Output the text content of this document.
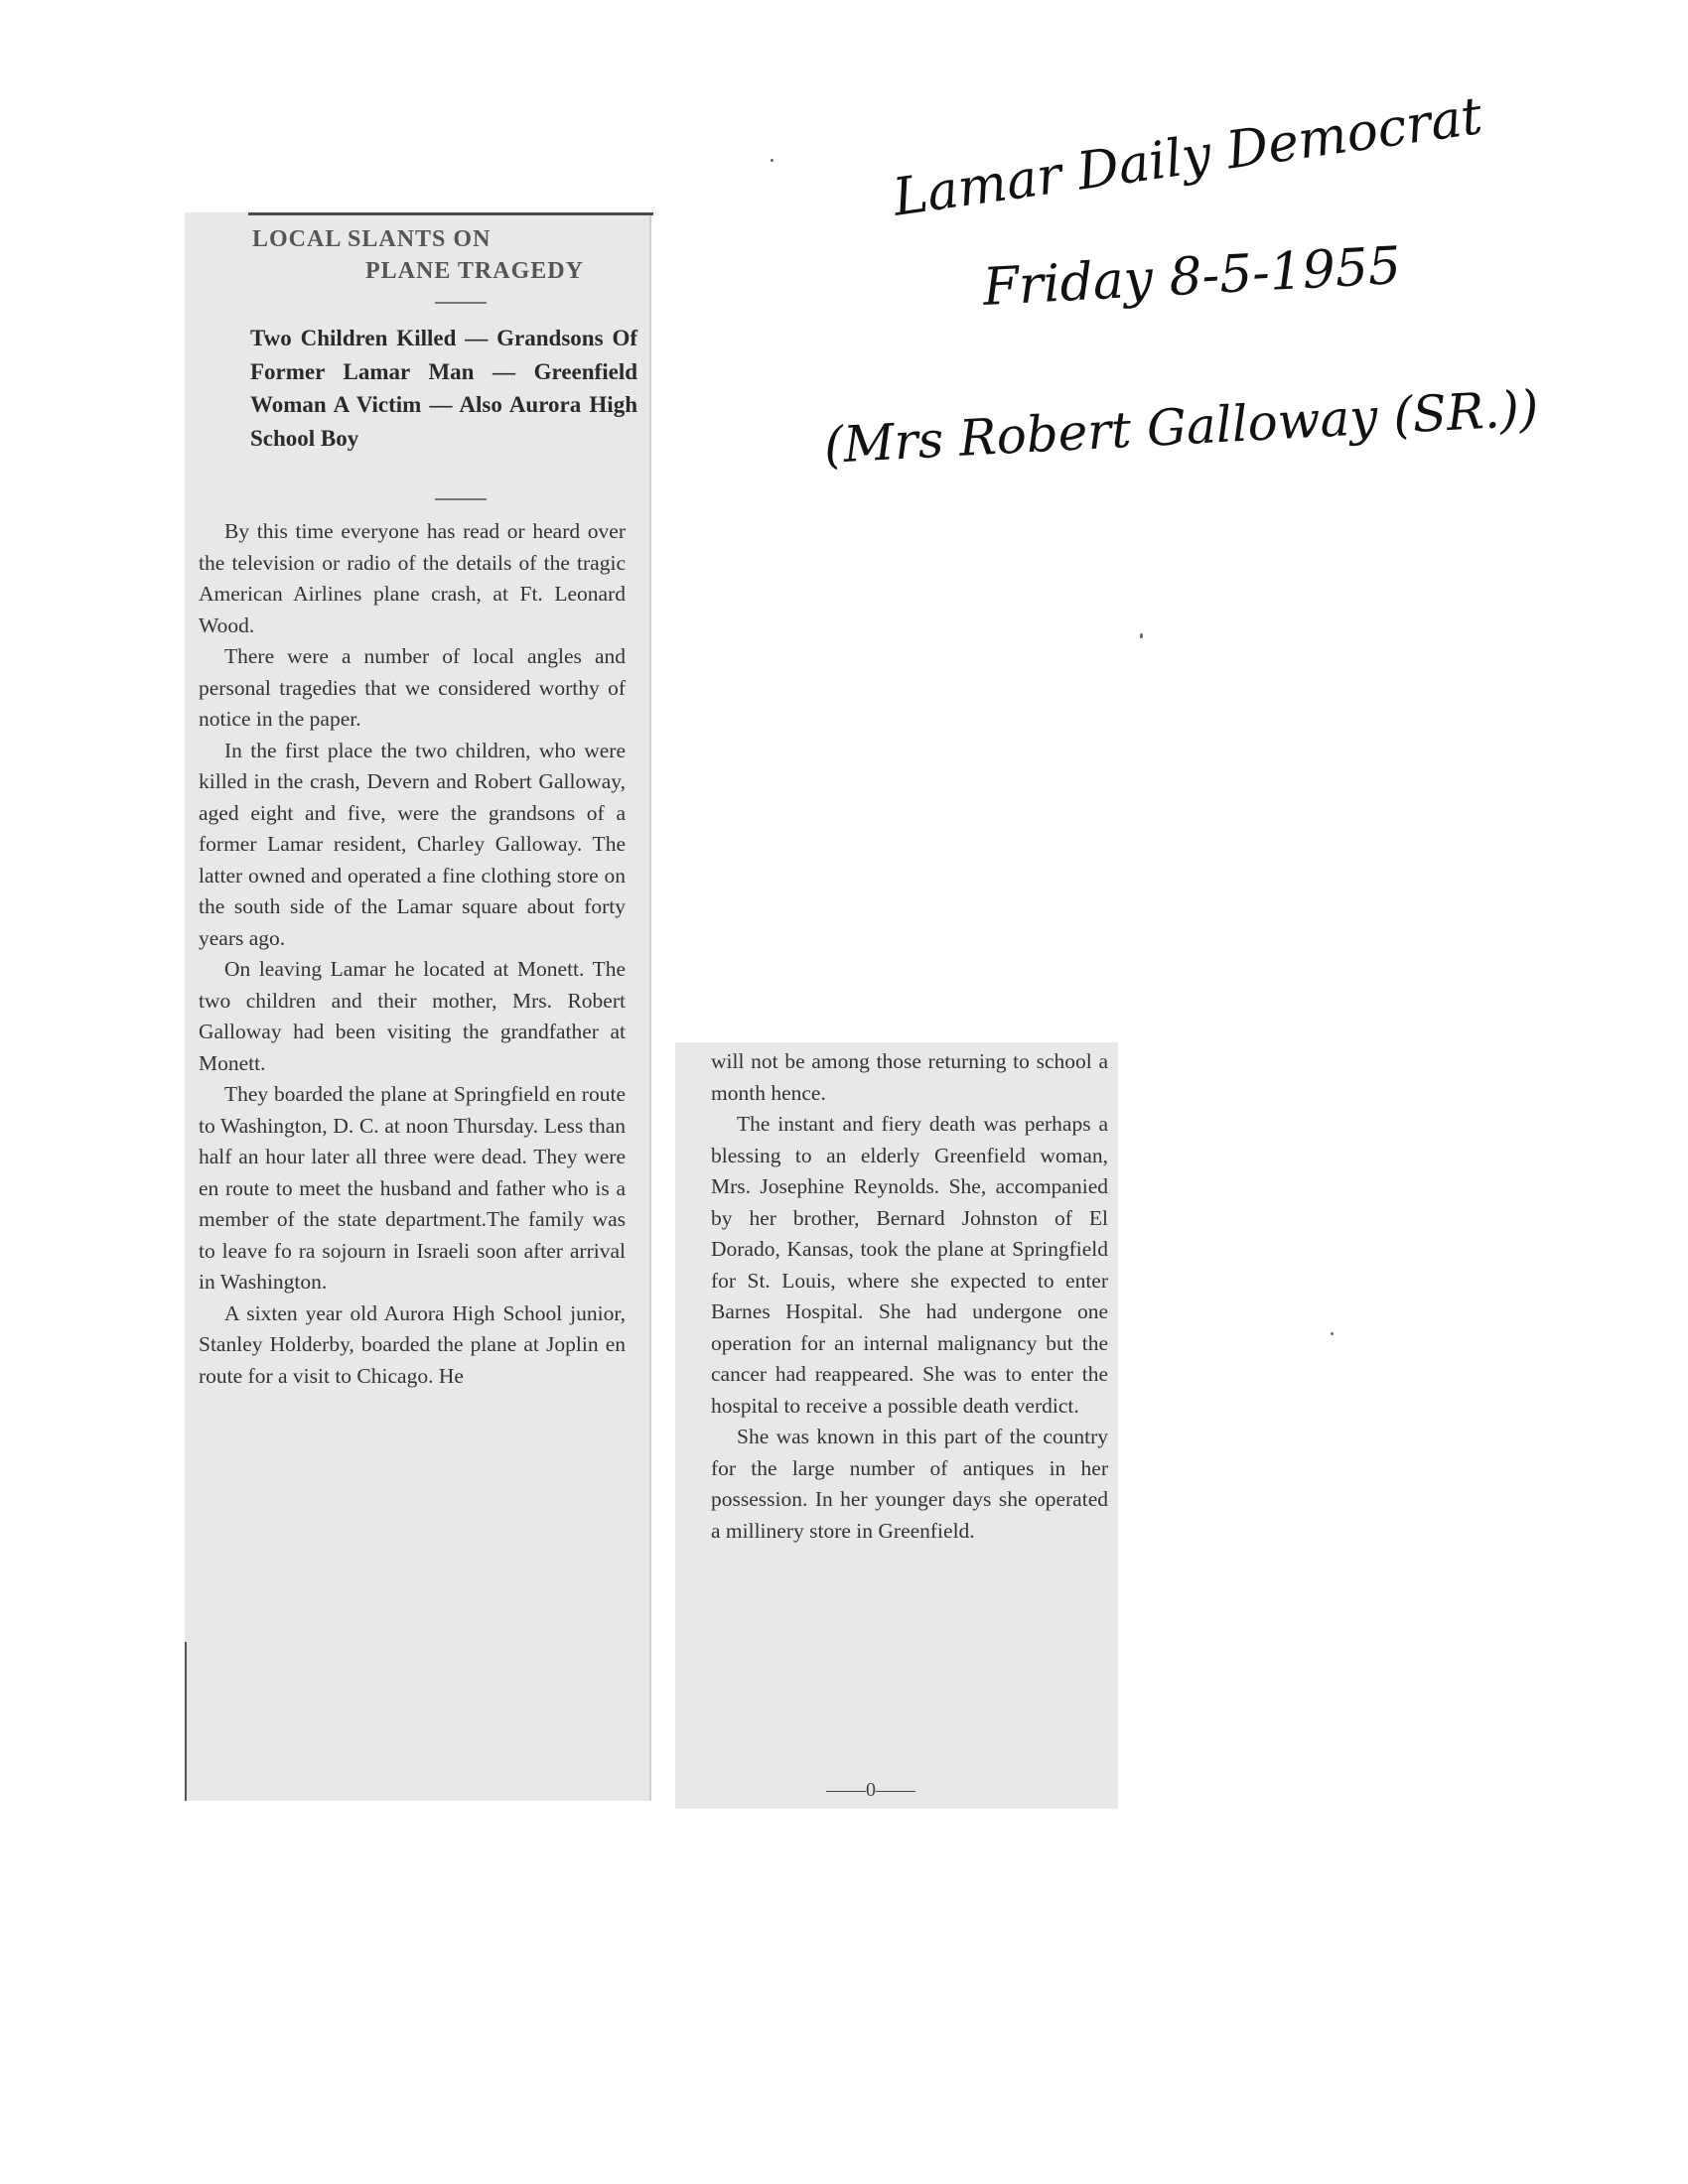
Lamar Daily Democrat
Friday 8-5-1955
(Mrs Robert Galloway (SR.))
LOCAL SLANTS ON
PLANE TRAGEDY
Two Children Killed — Grandsons Of Former Lamar Man — Greenfield Woman A Victim — Also Aurora High School Boy

By this time everyone has read or heard over the television or radio of the details of the tragic American Airlines plane crash, at Ft. Leonard Wood.

There were a number of local angles and personal tragedies that we considered worthy of notice in the paper.

In the first place the two children, who were killed in the crash, Devern and Robert Galloway, aged eight and five, were the grandsons of a former Lamar resident, Charley Galloway. The latter owned and operated a fine clothing store on the south side of the Lamar square about forty years ago.

On leaving Lamar he located at Monett. The two children and their mother, Mrs. Robert Galloway had been visiting the grandfather at Monett.

They boarded the plane at Springfield en route to Washington, D. C. at noon Thursday. Less than half an hour later all three were dead. They were en route to meet the husband and father who is a member of the state department.The family was to leave fo ra sojourn in Israeli soon after arrival in Washington.

A sixten year old Aurora High School junior, Stanley Holderby, boarded the plane at Joplin en route for a visit to Chicago. He

will not be among those returning to school a month hence.

The instant and fiery death was perhaps a blessing to an elderly Greenfield woman, Mrs. Josephine Reynolds. She, accompanied by her brother, Bernard Johnston of El Dorado, Kansas, took the plane at Springfield for St. Louis, where she expected to enter Barnes Hospital. She had undergone one operation for an internal malignancy but the cancer had reappeared. She was to enter the hospital to receive a possible death verdict.

She was known in this part of the country for the large number of antiques in her possession. In her younger days she operated a millinery store in Greenfield.

——0——
